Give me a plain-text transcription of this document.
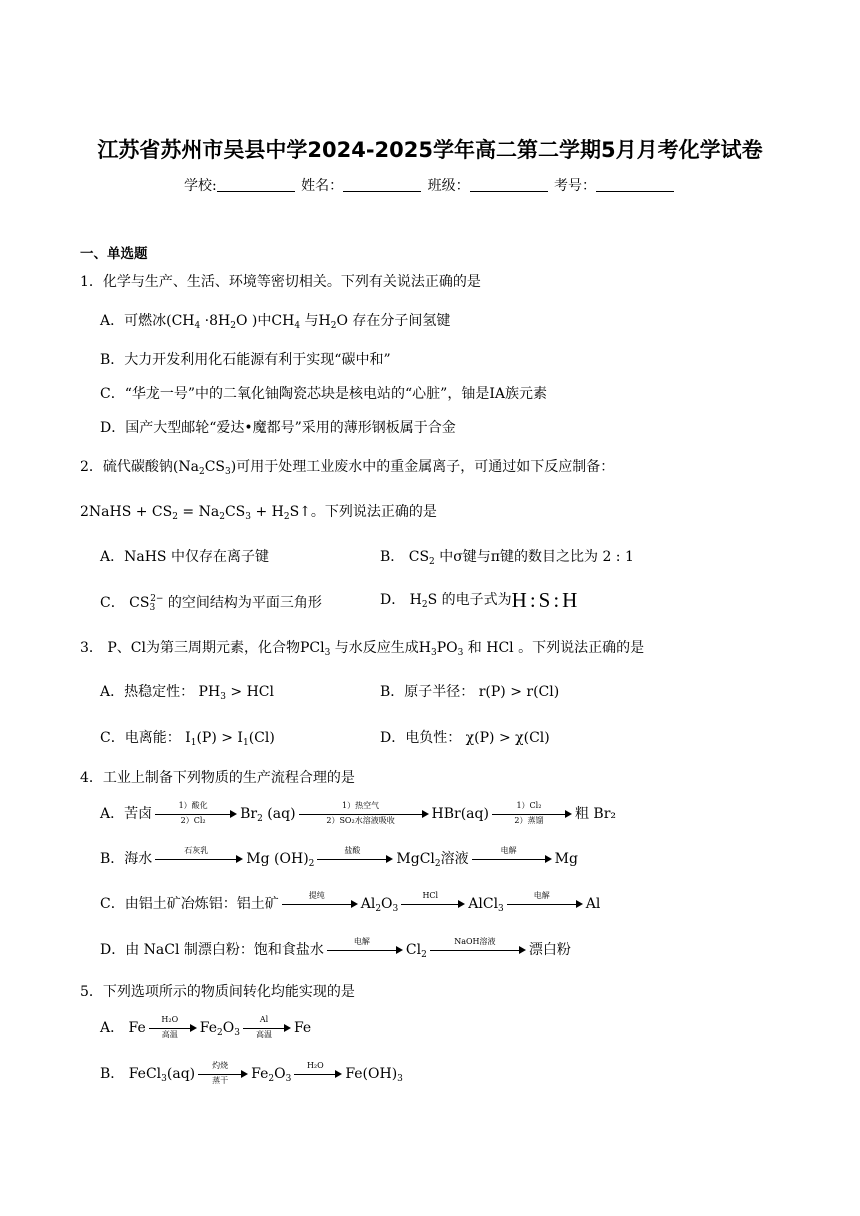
江苏省苏州市吴县中学2024-2025学年高二第二学期5月月考化学试卷
学校:	姓名：	班级：	考号：
一、单选题
1．化学与生产、生活、环境等密切相关。下列有关说法正确的是
A．可燃冰($CH_4 \cdot 8H_2O$ )中$CH_4$ 与$H_2O$ 存在分子间氢键
B．大力开发利用化石能源有利于实现“碳中和”
C．“华龙一号”中的二氧化铀陶瓷芯块是核电站的“心脏”，铀是IA族元素
D．国产大型邮轮“爱达•魔都号”采用的薄形钢板属于合金
2．硫代碳酸钠$(Na_2CS_3)$可用于处理工业废水中的重金属离子，可通过如下反应制备：
2NaHS + $CS_2 = Na_2CS_3$ + $H_2S↑$。下列说法正确的是
A．NaHS 中仅存在离子键	B． $CS_2$ 中σ键与π键的数目之比为 2 : 1
C． $CS_3^{2-}$ 的空间结构为平面三角形	D． $H_2S$ 的电子式为H:S:H
3． P、Cl为第三周期元素，化合物PCl$_3$ 与水反应生成$H_3PO_3$ 和 HCl 。下列说法正确的是
A．热稳定性： $PH_3$ > HCl	B．原子半径： r(P) > r(Cl)
C．电离能： $I_1(P) > I_1(Cl)$	D．电负性： χ(P) > χ(Cl)
4．工业上制备下列物质的生产流程合理的是
A．苦卤
1）酸化
2）Cl₂	$Br_2$ (aq)
1）热空气
2）SO₂水溶液吸收	HBr(aq)
1）Cl₂
2）蒸馏	粗 Br₂
B．海水
石灰乳
Mg $(OH)_2$
盐酸
MgCl$_2$溶液
电解
Mg
C．由铝土矿冶炼铝：铝土矿
提纯
$Al_2O_3$
HCl
AlCl$_3$
电解
Al
D．由 NaCl 制漂白粉：饱和食盐水
电解
$Cl_2$
NaOH溶液
漂白粉
5．下列选项所示的物质间转化均能实现的是
A． Fe
H₂O
高温	$Fe_2O_3$
Al
高温	Fe
B． FeCl$_3$(aq)
灼烧
蒸干	$Fe_2O_3$
H₂O
$Fe(OH)_3$
